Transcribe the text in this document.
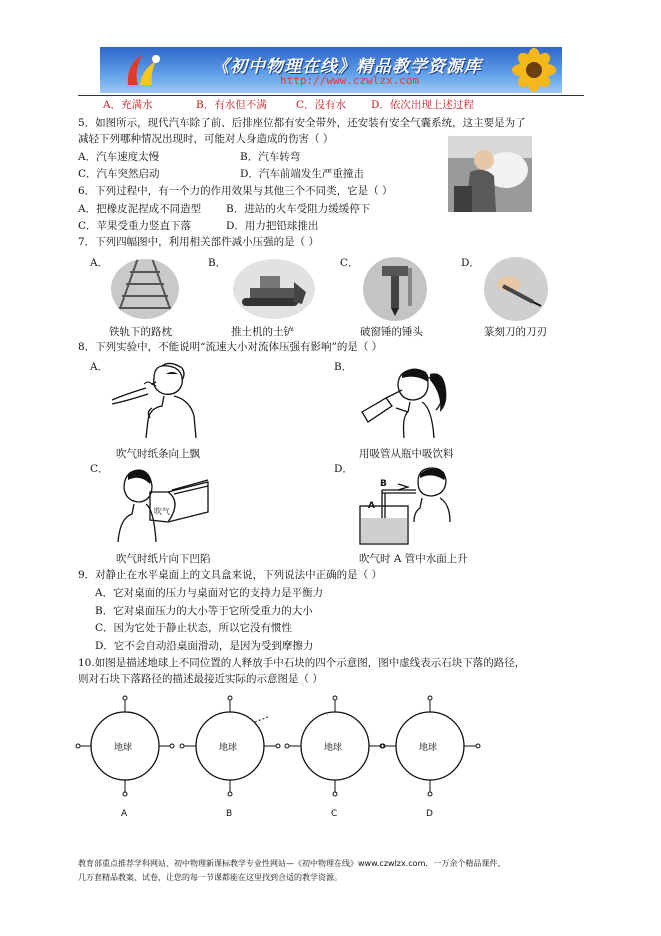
《初中物理在线》精品教学资源库
http://www.czwlzx.com
A．充满水	B．有水但不满	C．没有水 D．依次出现上述过程
5．如图所示，现代汽车除了前、后排座位都有安全带外，还安装有安全气囊系统，这主要是为了
减轻下列哪种情况出现时，可能对人身造成的伤害（ ）
A．汽车速度太慢	B．汽车转弯
C．汽车突然启动	D．汽车前端发生严重撞击
6．下列过程中，有一个力的作用效果与其他三个不同类，它是（ ）
A．把橡皮泥捏成不同造型 B．进站的火车受阻力缓缓停下
C．苹果受重力竖直下落	D．用力把铅球推出
7．下列四幅图中，利用相关部件减小压强的是（ ）
A．	B．	C．	D．
铁轨下的路枕	推土机的土铲	破窗锤的锤头	篆刻刀的刀刃
8．下列实验中，不能说明“流速大小对流体压强有影响”的是（ ）
A．	B．
吹气时纸条向上飘	用吸管从瓶中吸饮料
C．	D．
吹气
A
B
吹气时纸片向下凹陷	吹气时 A 管中水面上升
9．对静止在水平桌面上的文具盒来说，下列说法中正确的是（ ）
A．它对桌面的压力与桌面对它的支持力是平衡力
B．它对桌面压力的大小等于它所受重力的大小
C．因为它处于静止状态，所以它没有惯性
D．它不会自动沿桌面滑动，是因为受到摩擦力
10.如图是描述地球上不同位置的人释放手中石块的四个示意图，图中虚线表示石块下落的路径，
则对石块下落路径的描述最接近实际的示意图是（ ）
地球	地球	地球	地球
A	B	C	D
教育部重点推荐学科网站、初中物理新课标教学专业性网站—《初中物理在线》www.czwlzx.com．一万余个精品课件、
几万套精品教案、试卷，让您的每一节课都能在这里找到合适的教学资源。
